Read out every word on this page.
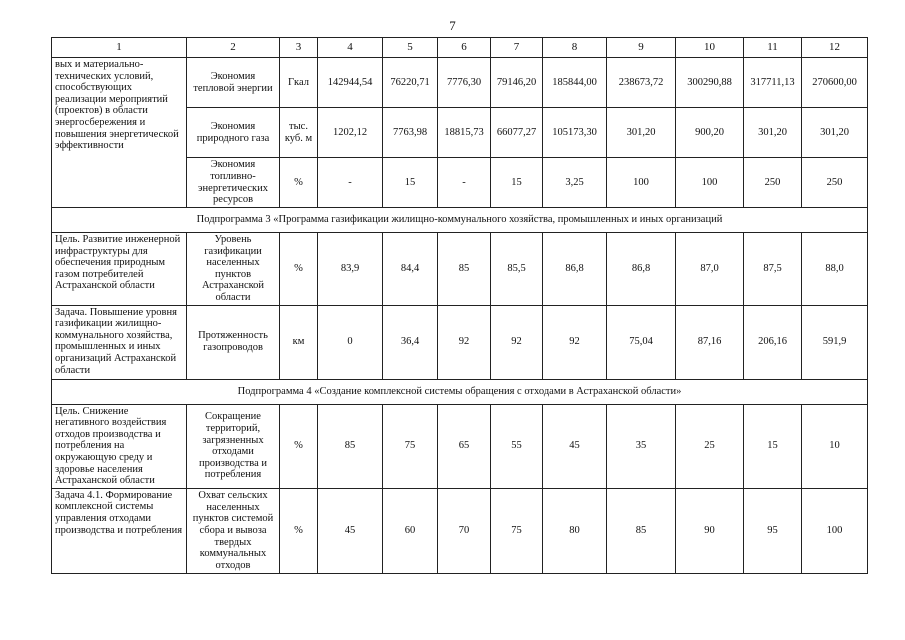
7
1	2	3	4	5	6	7	8	9	10	11	12
вых и материально-технических условий, способствующих реализации мероприятий (проектов) в области энергосбережения и повышения энергетической эффективности	Экономия тепловой энергии	Гкал	142944,54	76220,71	7776,30	79146,20	185844,00	238673,72	300290,88	317711,13	270600,00
	Экономия природного газа	тыс. куб. м	1202,12	7763,98	18815,73	66077,27	105173,30	301,20	900,20	301,20	301,20
	Экономия топливно-энергетических ресурсов	%	-	15	-	15	3,25	100	100	250	250
Подпрограмма 3 «Программа газификации жилищно-коммунального хозяйства, промышленных и иных организаций											
Цель. Развитие инженерной инфраструктуры для обеспечения природным газом потребителей Астраханской области	Уровень газификации населенных пунктов Астраханской области	%	83,9	84,4	85	85,5	86,8	86,8	87,0	87,5	88,0
Задача. Повышение уровня газификации жилищно-коммунального хозяйства, промышленных и иных организаций Астраханской области	Протяженность газопроводов	км	0	36,4	92	92	92	75,04	87,16	206,16	591,9
Подпрограмма 4 «Создание комплексной системы обращения с отходами в Астраханской области»											
Цель. Снижение негативного воздействия отходов производства и потребления на окружающую среду и здоровье населения Астраханской области	Сокращение территорий, загрязненных отходами производства и потребления	%	85	75	65	55	45	35	25	15	10
Задача 4.1. Формирование комплексной системы управления отходами производства и потребления	Охват сельских населенных пунктов системой сбора и вывоза твердых коммунальных отходов	%	45	60	70	75	80	85	90	95	100
